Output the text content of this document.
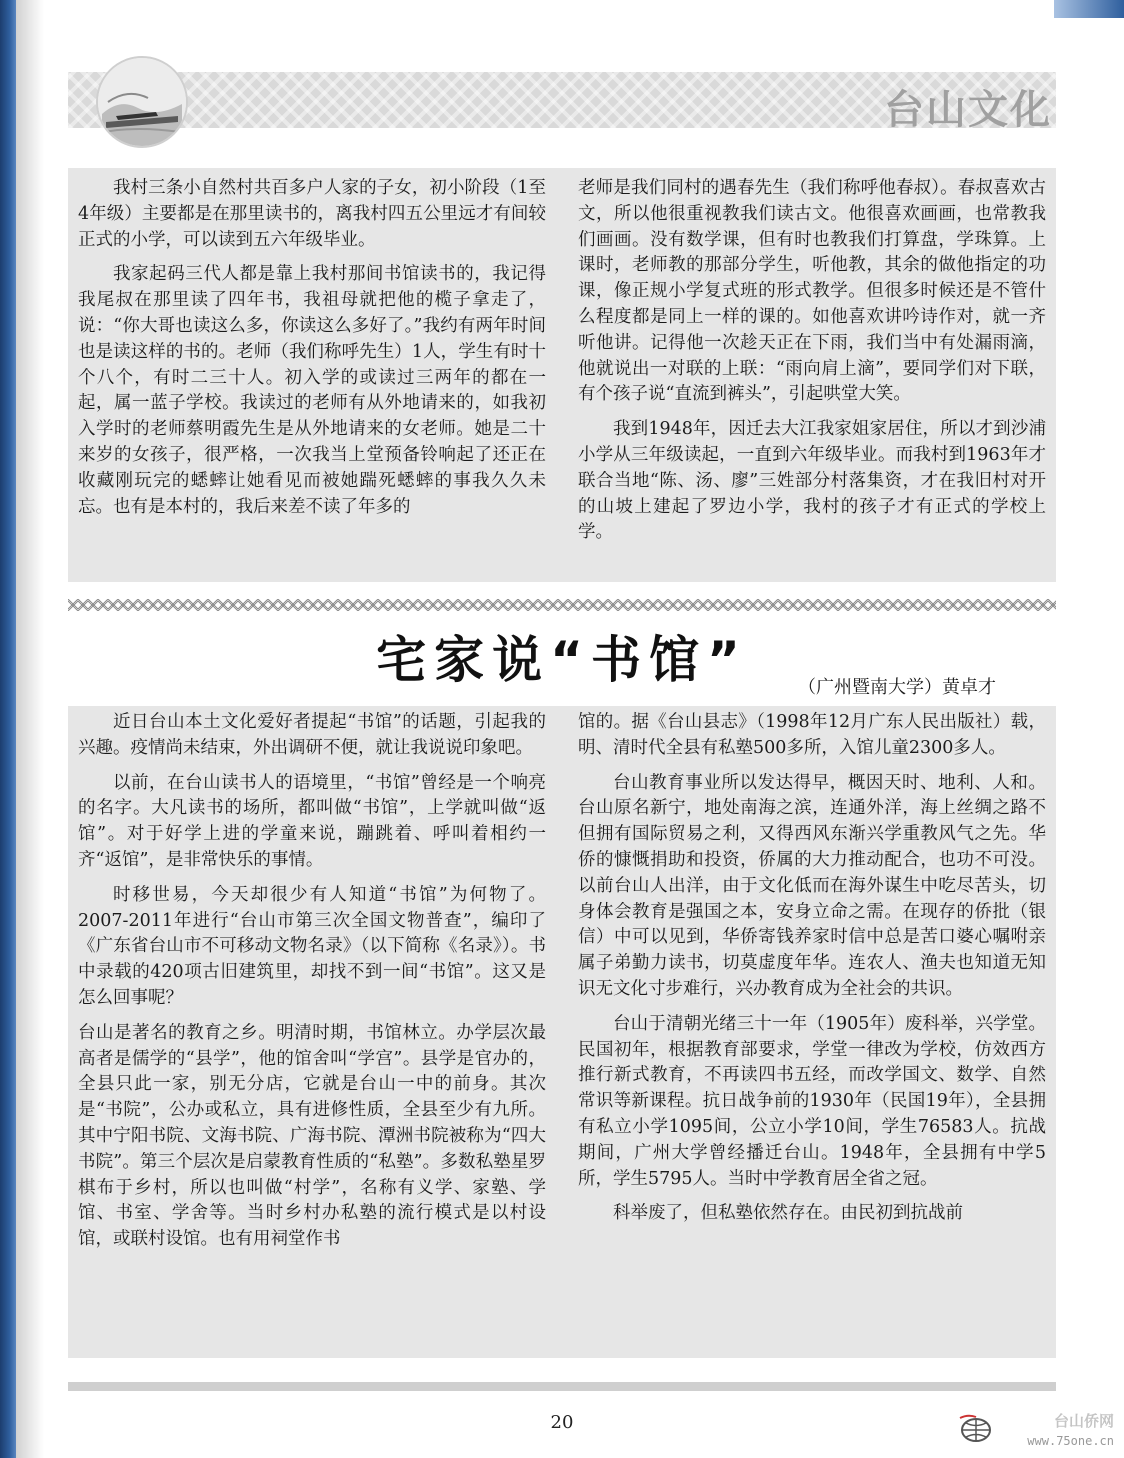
台山文化

我村三条小自然村共百多户人家的子女，初小阶段（1至4年级）主要都是在那里读书的，离我村四五公里远才有间较正式的小学，可以读到五六年级毕业。

我家起码三代人都是靠上我村那间书馆读书的，我记得我尾叔在那里读了四年书，我祖母就把他的榄子拿走了，说：“你大哥也读这么多，你读这么多好了。”我约有两年时间也是读这样的书的。老师（我们称呼先生）1人，学生有时十个八个，有时二三十人。初入学的或读过三两年的都在一起，属一蓝子学校。我读过的老师有从外地请来的，如我初入学时的老师蔡明霞先生是从外地请来的女老师。她是二十来岁的女孩子，很严格，一次我当上堂预备铃响起了还正在收藏刚玩完的蟋蟀让她看见而被她踹死蟋蟀的事我久久未忘。也有是本村的，我后来差不读了年多的

老师是我们同村的遇春先生（我们称呼他春叔）。春叔喜欢古文，所以他很重视教我们读古文。他很喜欢画画，也常教我们画画。没有数学课，但有时也教我们打算盘，学珠算。上课时，老师教的那部分学生，听他教，其余的做他指定的功课，像正规小学复式班的形式教学。但很多时候还是不管什么程度都是同上一样的课的。如他喜欢讲吟诗作对，就一齐听他讲。记得他一次趁天正在下雨，我们当中有处漏雨滴，他就说出一对联的上联：“雨向肩上滴”，要同学们对下联，有个孩子说“直流到裤头”，引起哄堂大笑。

我到1948年，因迁去大江我家姐家居住，所以才到沙浦小学从三年级读起，一直到六年级毕业。而我村到1963年才联合当地“陈、汤、廖”三姓部分村落集资，才在我旧村对开的山坡上建起了罗边小学，我村的孩子才有正式的学校上学。

宅家说“书馆”	（广州暨南大学）黄卓才

近日台山本土文化爱好者提起“书馆”的话题，引起我的兴趣。疫情尚未结束，外出调研不便，就让我说说印象吧。

以前，在台山读书人的语境里，“书馆”曾经是一个响亮的名字。大凡读书的场所，都叫做“书馆”，上学就叫做“返馆”。对于好学上进的学童来说，蹦跳着、呼叫着相约一齐“返馆”，是非常快乐的事情。

时移世易，今天却很少有人知道“书馆”为何物了。2007-2011年进行“台山市第三次全国文物普查”，编印了《广东省台山市不可移动文物名录》（以下简称《名录》）。书中录载的420项古旧建筑里，却找不到一间“书馆”。这又是怎么回事呢？

台山是著名的教育之乡。明清时期，书馆林立。办学层次最高者是儒学的“县学”，他的馆舍叫“学宫”。县学是官办的，全县只此一家，别无分店，它就是台山一中的前身。其次是“书院”，公办或私立，具有进修性质，全县至少有九所。其中宁阳书院、文海书院、广海书院、潭洲书院被称为“四大书院”。第三个层次是启蒙教育性质的“私塾”。多数私塾星罗棋布于乡村，所以也叫做“村学”，名称有义学、家塾、学馆、书室、学舍等。当时乡村办私塾的流行模式是以村设馆，或联村设馆。也有用祠堂作书

馆的。据《台山县志》（1998年12月广东人民出版社）载，明、清时代全县有私塾500多所，入馆儿童2300多人。

台山教育事业所以发达得早，概因天时、地利、人和。台山原名新宁，地处南海之滨，连通外洋，海上丝绸之路不但拥有国际贸易之利，又得西风东渐兴学重教风气之先。华侨的慷慨捐助和投资，侨属的大力推动配合，也功不可没。以前台山人出洋，由于文化低而在海外谋生中吃尽苦头，切身体会教育是强国之本，安身立命之需。在现存的侨批（银信）中可以见到，华侨寄钱养家时信中总是苦口婆心嘱咐亲属子弟勤力读书，切莫虚度年华。连农人、渔夫也知道无知识无文化寸步难行，兴办教育成为全社会的共识。

台山于清朝光绪三十一年（1905年）废科举，兴学堂。民国初年，根据教育部要求，学堂一律改为学校，仿效西方推行新式教育，不再读四书五经，而改学国文、数学、自然常识等新课程。抗日战争前的1930年（民国19年），全县拥有私立小学1095间，公立小学10间，学生76583人。抗战期间，广州大学曾经播迁台山。1948年，全县拥有中学5所，学生5795人。当时中学教育居全省之冠。

科举废了，但私塾依然存在。由民初到抗战前

20	台山侨网
www.75one.cn
